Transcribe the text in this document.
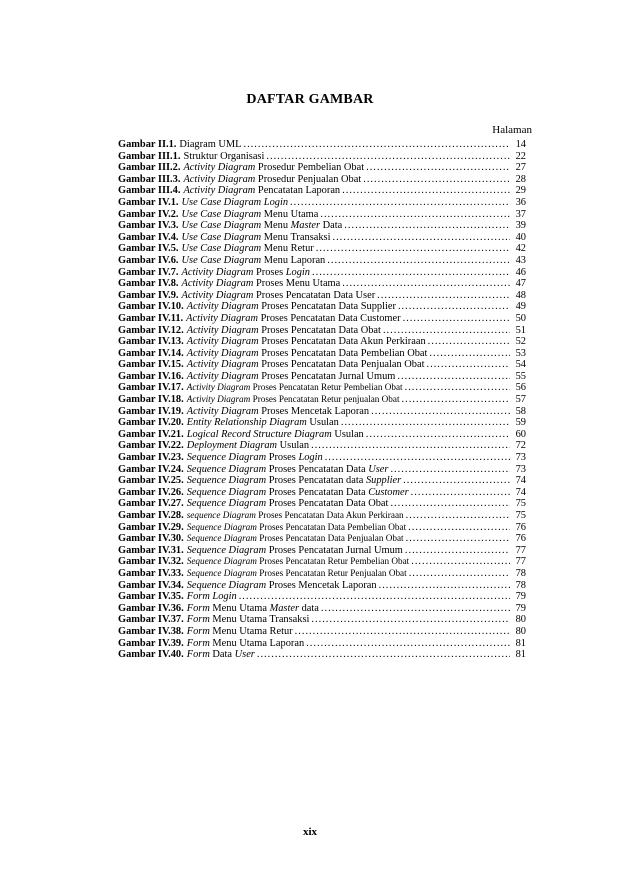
DAFTAR GAMBAR
Halaman
Gambar II.1. Diagram UML .....	14
Gambar III.1. Struktur Organisasi .....	22
Gambar III.2. Activity Diagram Prosedur Pembelian Obat .....	27
Gambar III.3. Activity Diagram Prosedur Penjualan Obat .....	28
Gambar III.4. Activity Diagram Pencatatan Laporan .....	29
Gambar IV.1. Use Case Diagram Login .....	36
Gambar IV.2. Use Case Diagram Menu Utama .....	37
Gambar IV.3. Use Case Diagram Menu Master Data .....	39
Gambar IV.4. Use Case Diagram Menu Transaksi .....	40
Gambar IV.5. Use Case Diagram Menu Retur .....	42
Gambar IV.6. Use Case Diagram Menu Laporan .....	43
Gambar IV.7. Activity Diagram Proses Login .....	46
Gambar IV.8. Activity Diagram Proses Menu Utama .....	47
Gambar IV.9. Activity Diagram Proses Pencatatan Data User .....	48
Gambar IV.10. Activity Diagram Proses Pencatatan Data Supplier .....	49
Gambar IV.11. Activity Diagram Proses Pencatatan Data Customer .....	50
Gambar IV.12. Activity Diagram Proses Pencatatan Data Obat .....	51
Gambar IV.13. Activity Diagram Proses Pencatatan Data Akun Perkiraan .....	52
Gambar IV.14. Activity Diagram Proses Pencatatan Data Pembelian Obat .....	53
Gambar IV.15. Activity Diagram Proses Pencatatan Data Penjualan Obat .....	54
Gambar IV.16. Activity Diagram Proses Pencatatan Jurnal Umum .....	55
Gambar IV.17. Activity Diagram Proses Pencatatan Retur Pembelian Obat .....	56
Gambar IV.18. Activity Diagram Proses Pencatatan Retur penjualan Obat .....	57
Gambar IV.19. Activity Diagram Proses Mencetak Laporan .....	58
Gambar IV.20. Entity Relationship Diagram Usulan .....	59
Gambar IV.21. Logical Record Structure Diagram Usulan .....	60
Gambar IV.22. Deployment Diagram Usulan .....	72
Gambar IV.23. Sequence Diagram Proses Login .....	73
Gambar IV.24. Sequence Diagram Proses Pencatatan Data User .....	73
Gambar IV.25. Sequence Diagram Proses Pencatatan data Supplier .....	74
Gambar IV.26. Sequence Diagram Proses Pencatatan Data Customer .....	74
Gambar IV.27. Sequence Diagram Proses Pencatatan Data Obat .....	75
Gambar IV.28. sequence Diagram Proses Pencatatan Data Akun Perkiraan .....	75
Gambar IV.29. Sequence Diagram Proses Pencatatan Data Pembelian Obat .....	76
Gambar IV.30. Sequence Diagram Proses Pencatatan Data Penjualan Obat .....	76
Gambar IV.31. Sequence Diagram Proses Pencatatan Jurnal Umum .....	77
Gambar IV.32. Sequence Diagram Proses Pencatatan Retur Pembelian Obat .....	77
Gambar IV.33. Sequence Diagram Proses Pencatatan Retur Penjualan Obat .....	78
Gambar IV.34. Sequence Diagram Proses Mencetak Laporan .....	78
Gambar IV.35. Form Login .....	79
Gambar IV.36. Form Menu Utama Master data .....	79
Gambar IV.37. Form Menu Utama Transaksi .....	80
Gambar IV.38. Form Menu Utama Retur .....	80
Gambar IV.39. Form Menu Utama Laporan .....	81
Gambar IV.40. Form Data User .....	81
xix
